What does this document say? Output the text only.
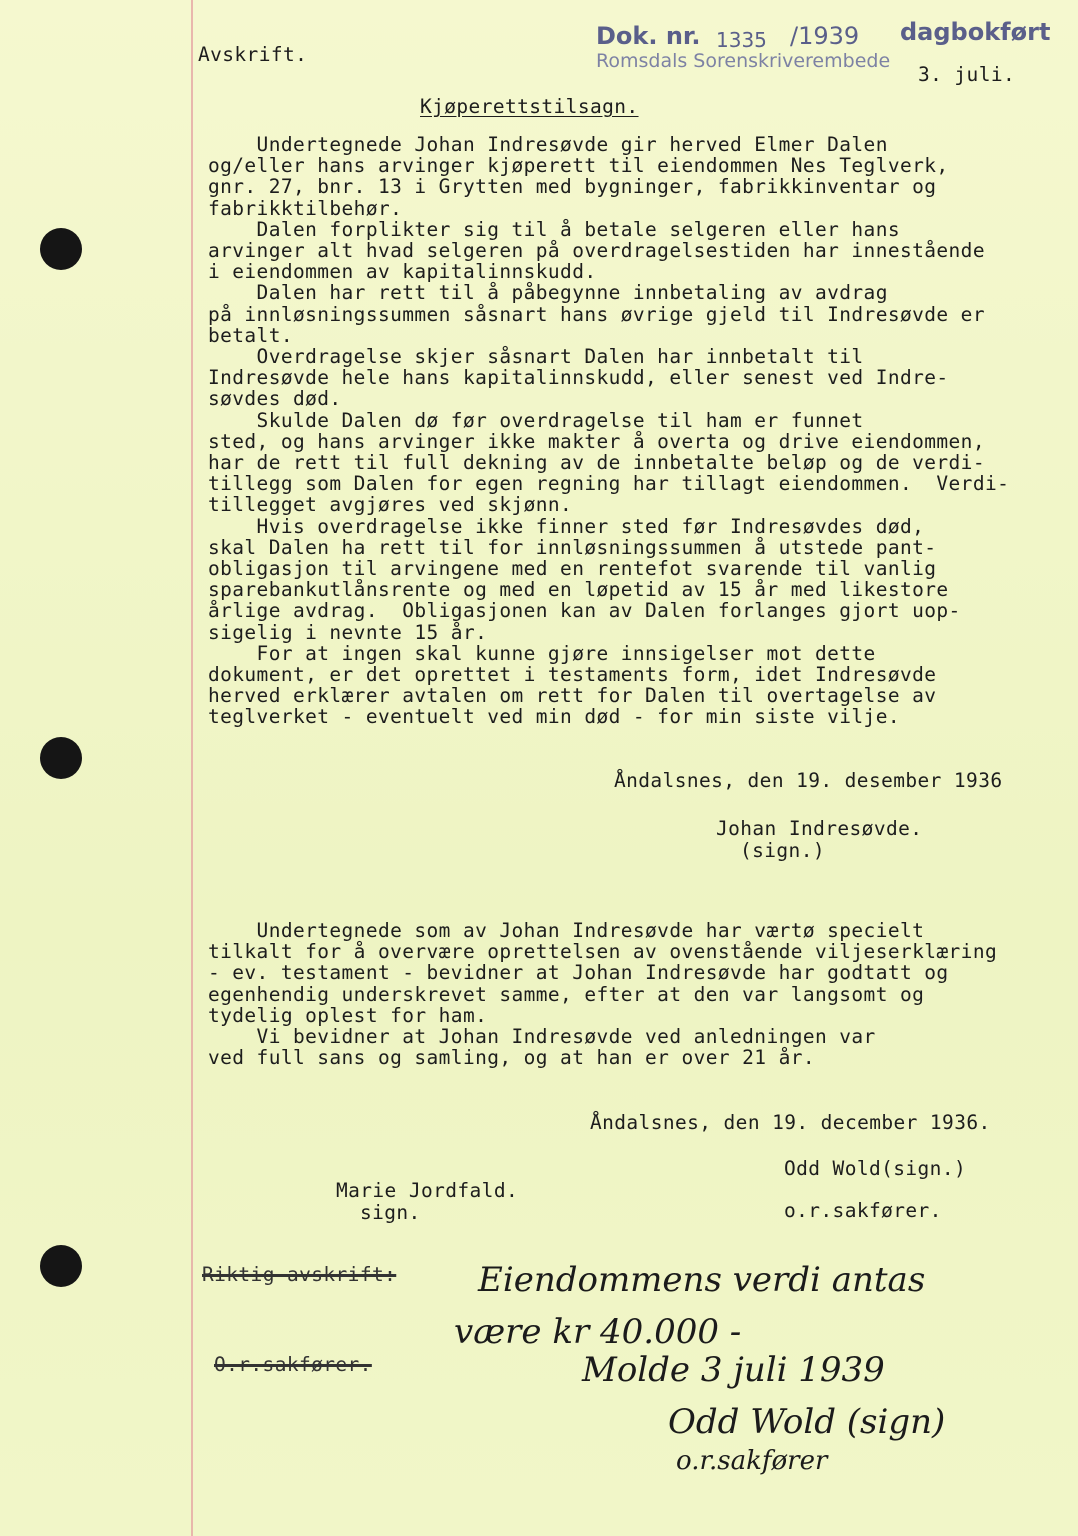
Dok. nr. 1335 /1939 dagbokført
Romsdals Sorenskriverembede
3. juli.
Avskrift.
Kjøperettstilsagn.
Undertegnede Johan Indresøvde gir herved Elmer Dalen
og/eller hans arvinger kjøperett til eiendommen Nes Teglverk,
gnr. 27, bnr. 13 i Grytten med bygninger, fabrikkinventar og
fabrikktilbehør.
Dalen forplikter sig til å betale selgeren eller hans
arvinger alt hvad selgeren på overdragelsestiden har innestående
i eiendommen av kapitalinnskudd.
Dalen har rett til å påbegynne innbetaling av avdrag
på innløsningssummen såsnart hans øvrige gjeld til Indresøvde er
betalt.
Overdragelse skjer såsnart Dalen har innbetalt til
Indresøvde hele hans kapitalinnskudd, eller senest ved Indre-
søvdes død.
Skulde Dalen dø før overdragelse til ham er funnet
sted, og hans arvinger ikke makter å overta og drive eiendommen,
har de rett til full dekning av de innbetalte beløp og de verdi-
tillegg som Dalen for egen regning har tillagt eiendommen.  Verdi-
tillegget avgjøres ved skjønn.
Hvis overdragelse ikke finner sted før Indresøvdes død,
skal Dalen ha rett til for innløsningssummen å utstede pant-
obligasjon til arvingene med en rentefot svarende til vanlig
sparebankutlånsrente og med en løpetid av 15 år med likestore
årlige avdrag.  Obligasjonen kan av Dalen forlanges gjort uop-
sigelig i nevnte 15 år.
For at ingen skal kunne gjøre innsigelser mot dette
dokument, er det oprettet i testaments form, idet Indresøvde
herved erklærer avtalen om rett for Dalen til overtagelse av
teglverket - eventuelt ved min død - for min siste vilje.
Åndalsnes, den 19. desember 1936
Johan Indresøvde.
(sign.)
Undertegnede som av Johan Indresøvde har værtø specielt
tilkalt for å overvære oprettelsen av ovenstående viljeserklæring
- ev. testament - bevidner at Johan Indresøvde har godtatt og
egenhendig underskrevet samme, efter at den var langsomt og
tydelig oplest for ham.
Vi bevidner at Johan Indresøvde ved anledningen var
ved full sans og samling, og at han er over 21 år.
Åndalsnes, den 19. december 1936.
Odd Wold(sign.)
Marie Jordfald.
o.r.sakfører.
sign.
Riktig avskrift:
O.r.sakfører.
Eiendommens verdi antas
være kr 40.000 -
Molde 3 juli 1939
Odd Wold (sign)
o.r.sakfører
